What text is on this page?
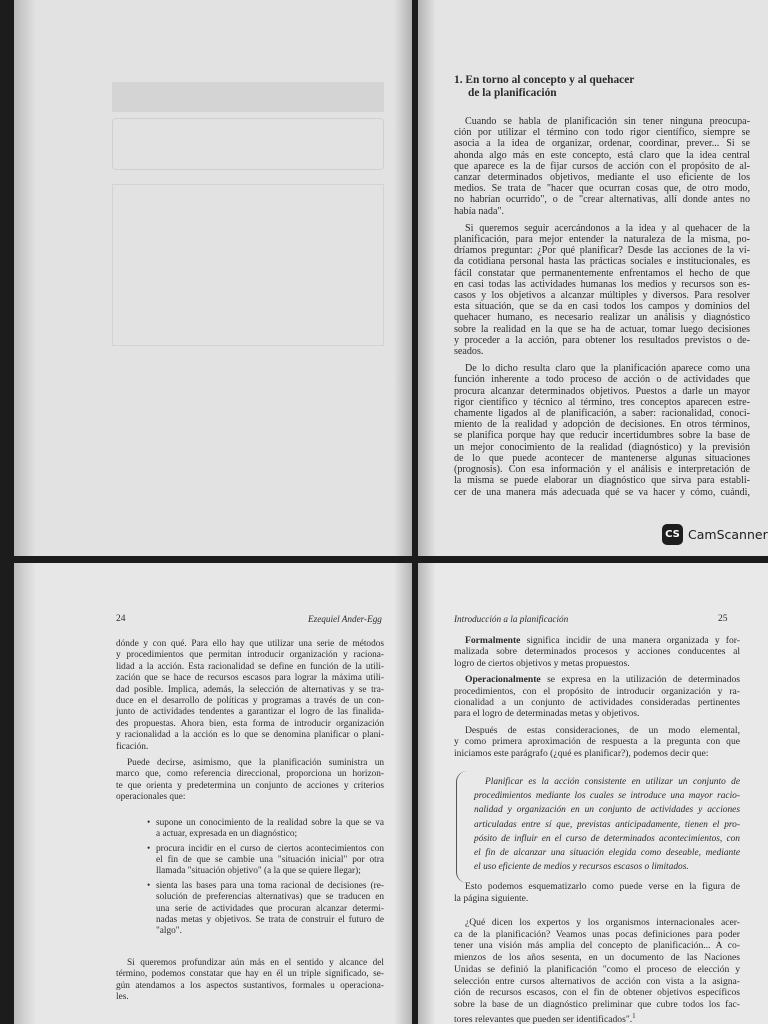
1. En torno al concepto y al quehacer
de la planificación
Cuando se habla de planificación sin tener ninguna preocupa-
ción por utilizar el término con todo rigor científico, siempre se
asocia a la idea de organizar, ordenar, coordinar, prever... Si se
ahonda algo más en este concepto, está claro que la idea central
que aparece es la de fijar cursos de acción con el propósito de al-
canzar determinados objetivos, mediante el uso eficiente de los
medios. Se trata de "hacer que ocurran cosas que, de otro modo,
no habrían ocurrido", o de "crear alternativas, allí donde antes no
había nada".
Si queremos seguir acercándonos a la idea y al quehacer de la
planificación, para mejor entender la naturaleza de la misma, po-
dríamos preguntar: ¿Por qué planificar? Desde las acciones de la vi-
da cotidiana personal hasta las prácticas sociales e institucionales, es
fácil constatar que permanentemente enfrentamos el hecho de que
en casi todas las actividades humanas los medios y recursos son es-
casos y los objetivos a alcanzar múltiples y diversos. Para resolver
esta situación, que se da en casi todos los campos y dominios del
quehacer humano, es necesario realizar un análisis y diagnóstico
sobre la realidad en la que se ha de actuar, tomar luego decisiones
y proceder a la acción, para obtener los resultados previstos o de-
seados.
De lo dicho resulta claro que la planificación aparece como una
función inherente a todo proceso de acción o de actividades que
procura alcanzar determinados objetivos. Puestos a darle un mayor
rigor científico y técnico al término, tres conceptos aparecen estre-
chamente ligados al de planificación, a saber: racionalidad, conoci-
miento de la realidad y adopción de decisiones. En otros términos,
se planifica porque hay que reducir incertidumbres sobre la base de
un mejor conocimiento de la realidad (diagnóstico) y la previsión
de lo que puede acontecer de mantenerse algunas situaciones
(prognosis). Con esa información y el análisis e interpretación de
la misma se puede elaborar un diagnóstico que sirva para establi-
cer de una manera más adecuada qué se va hacer y cómo, cuándi,
24	Ezequiel Ander-Egg
dónde y con qué. Para ello hay que utilizar una serie de métodos
y procedimientos que permitan introducir organización y raciona-
lidad a la acción. Esta racionalidad se define en función de la utili-
zación que se hace de recursos escasos para lograr la máxima utili-
dad posible. Implica, además, la selección de alternativas y se tra-
duce en el desarrollo de políticas y programas a través de un con-
junto de actividades tendentes a garantizar el logro de las finalida-
des propuestas. Ahora bien, esta forma de introducir organización
y racionalidad a la acción es lo que se denomina planificar o plani-
ficación.
Puede decirse, asimismo, que la planificación suministra un
marco que, como referencia direccional, proporciona un horizon-
te que orienta y predetermina un conjunto de acciones y criterios
operacionales que:
• supone un conocimiento de la realidad sobre la que se va
a actuar, expresada en un diagnóstico;
• procura incidir en el curso de ciertos acontecimientos con
el fin de que se cambie una "situación inicial" por otra
llamada "situación objetivo" (a la que se quiere llegar);
• sienta las bases para una toma racional de decisiones (re-
solución de preferencias alternativas) que se traducen en
una serie de actividades que procuran alcanzar determi-
nadas metas y objetivos. Se trata de construir el futuro de
"algo".
Si queremos profundizar aún más en el sentido y alcance del
término, podemos constatar que hay en él un triple significado, se-
gún atendamos a los aspectos sustantivos, formales u operaciona-
les.
Introducción a la planificación	25
Formalmente significa incidir de una manera organizada y for-
malizada sobre determinados procesos y acciones conducentes al
logro de ciertos objetivos y metas propuestos.
Operacionalmente se expresa en la utilización de determinados
procedimientos, con el propósito de introducir organización y ra-
cionalidad a un conjunto de actividades consideradas pertinentes
para el logro de determinadas metas y objetivos.
Después de estas consideraciones, de un modo elemental,
y como primera aproximación de respuesta a la pregunta con que
iniciamos este parágrafo (¿qué es planificar?), podemos decir que:
Planificar es la acción consistente en utilizar un conjunto de
procedimientos mediante los cuales se introduce una mayor racio-
nalidad y organización en un conjunto de actividades y acciones
articuladas entre sí que, previstas anticipadamente, tienen el pro-
pósito de influir en el curso de determinados acontecimientos, con
el fin de alcanzar una situación elegida como deseable, mediante
el uso eficiente de medios y recursos escasos o limitados.
Esto podemos esquematizarlo como puede verse en la figura de
la página siguiente.
¿Qué dicen los expertos y los organismos internacionales acer-
ca de la planificación? Veamos unas pocas definiciones para poder
tener una visión más amplia del concepto de planificación... A co-
mienzos de los años sesenta, en un documento de las Naciones
Unidas se definió la planificación "como el proceso de elección y
selección entre cursos alternativos de acción con vista a la asigna-
ción de recursos escasos, con el fin de obtener objetivos específicos
sobre la base de un diagnóstico preliminar que cubre todos los fac-
tores relevantes que pueden ser identificados".$^1$
CS CamScanner
